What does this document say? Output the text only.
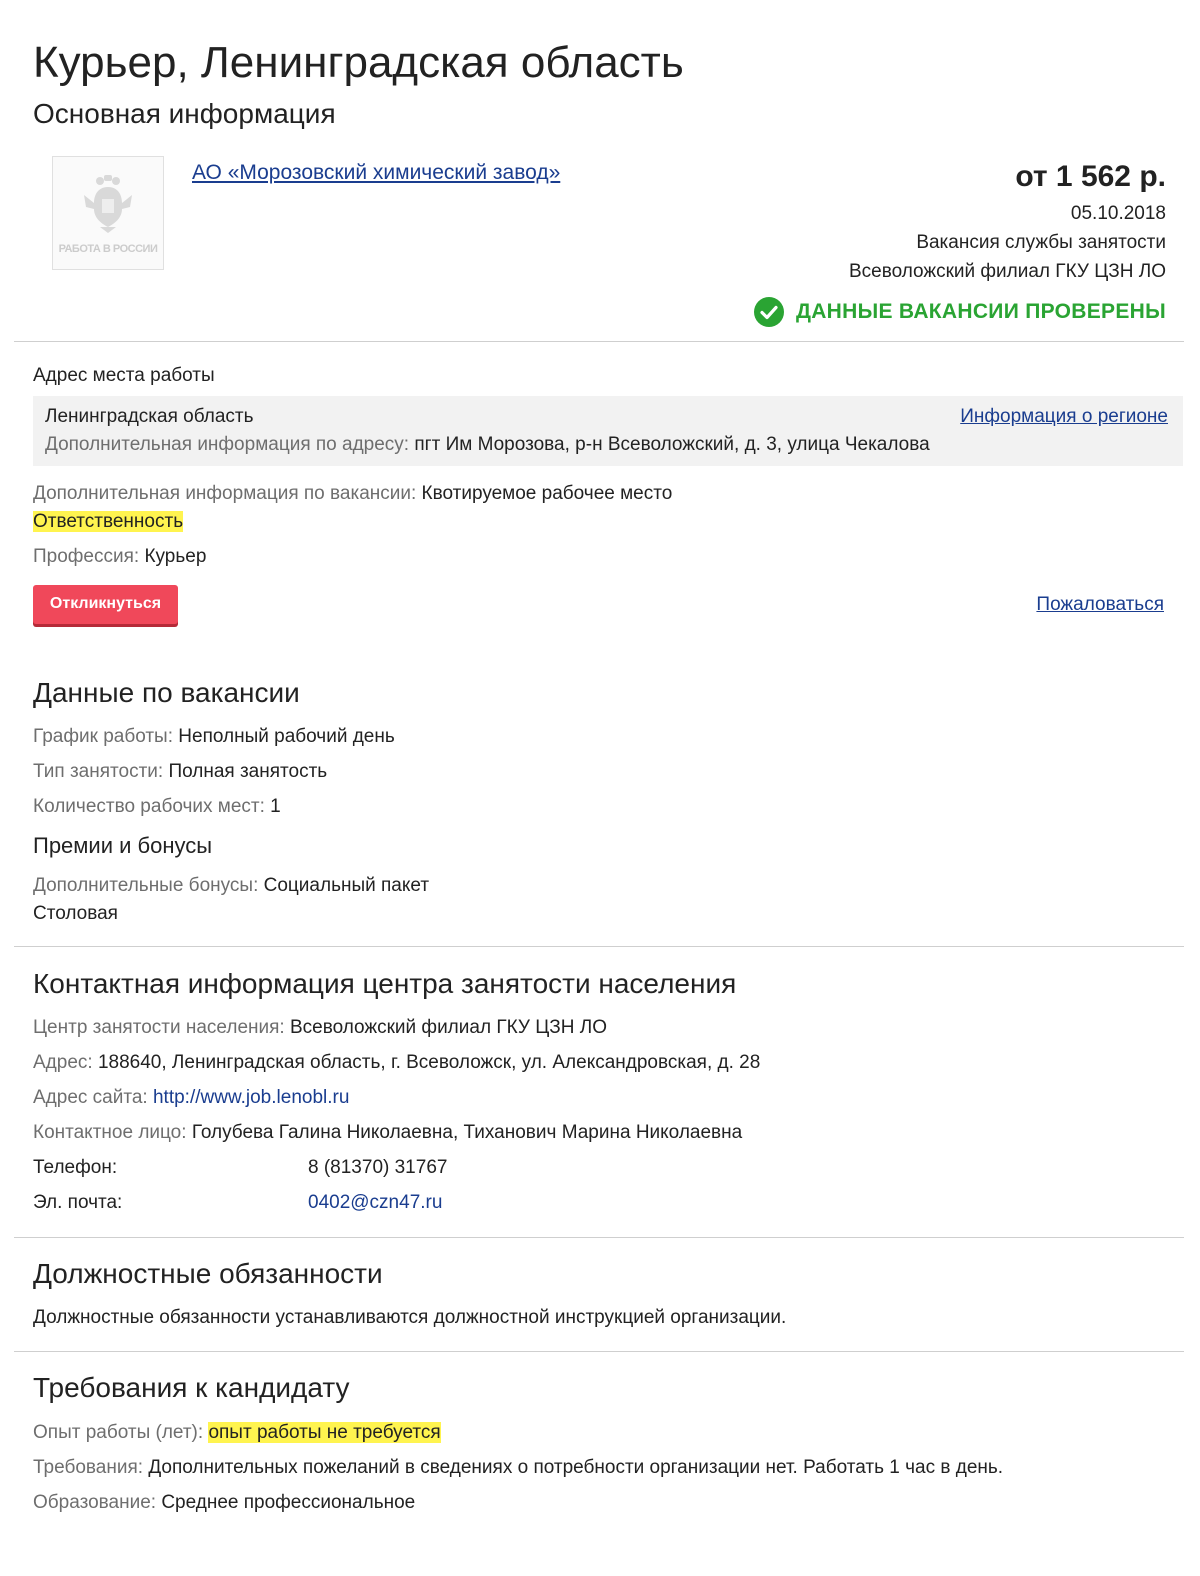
Курьер, Ленинградская область
Основная информация
РАБОТА В РОССИИ
АО «Морозовский химический завод»	от 1 562 р.
05.10.2018
Вакансия службы занятости
Всеволожский филиал ГКУ ЦЗН ЛО
ДАННЫЕ ВАКАНСИИ ПРОВЕРЕНЫ
Адрес места работы
Ленинградская область	Информация о регионе
Дополнительная информация по адресу: пгт Им Морозова, р-н Всеволожский, д. 3, улица Чекалова
Дополнительная информация по вакансии: Квотируемое рабочее место
Ответственность
Профессия: Курьер
Откликнуться	Пожаловаться
Данные по вакансии
График работы: Неполный рабочий день
Тип занятости: Полная занятость
Количество рабочих мест: 1
Премии и бонусы
Дополнительные бонусы: Социальный пакет
Столовая
Контактная информация центра занятости населения
Центр занятости населения: Всеволожский филиал ГКУ ЦЗН ЛО
Адрес: 188640, Ленинградская область, г. Всеволожск, ул. Александровская, д. 28
Адрес сайта: http://www.job.lenobl.ru
Контактное лицо: Голубева Галина Николаевна, Тиханович Марина Николаевна
Телефон:	8 (81370) 31767
Эл. почта:	0402@czn47.ru
Должностные обязанности
Должностные обязанности устанавливаются должностной инструкцией организации.
Требования к кандидату
Опыт работы (лет): опыт работы не требуется
Требования: Дополнительных пожеланий в сведениях о потребности организации нет. Работать 1 час в день.
Образование: Среднее профессиональное
